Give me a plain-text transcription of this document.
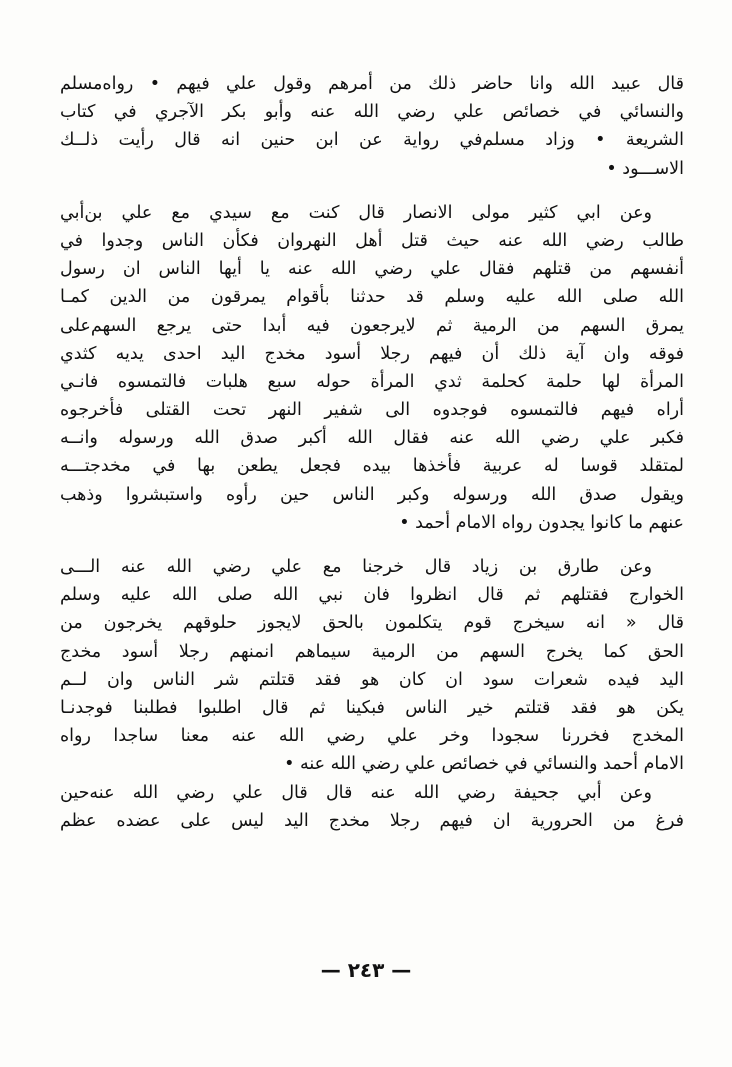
قال عبيد الله وانا حاضر ذلك من أمرهم وقول علي فيهم • رواه‌مسلم
والنسائي في خصائص علي رضي الله عنه وأبو بكر الآجري في كتاب
الشريعة • وزاد مسلم‌في رواية عن ابن حنين انه قال رأيت ذلــك
الاســـود •
وعن ابي كثير مولى الانصار قال كنت مع سيدي مع علي بن‌أبي
طالب رضي الله عنه حيث قتل أهل النهروان فكأن الناس وجدوا في
أنفسهم من قتلهم فقال علي رضي الله عنه يا أيها الناس ان رسول
الله صلى الله عليه وسلم قد حدثنا بأقوام يمرقون من الدين كمـا
يمرق السهم من الرمية ثم لايرجعون فيه أبدا حتى يرجع السهم‌على
فوقه وان آية ذلك أن فيهم رجلا أسود مخدج اليد احدى يديه كثدي
المرأة لها حلمة كحلمة ثدي المرأة حوله سبع هلبات فالتمسوه فانـي
أراه فيهم فالتمسوه فوجدوه الى شفير النهر تحت القتلى فأخرجوه
فكبر علي رضي الله عنه فقال الله أكبر صدق الله ورسوله وانــه
لمتقلد قوسا له عربية فأخذها بيده فجعل يطعن بها في مخدجتـــه
ويقول صدق الله ورسوله وكبر الناس حين رأوه واستبشروا وذهب
عنهم ما كانوا يجدون رواه الامام أحمد •
وعن طارق بن زياد قال خرجنا مع علي رضي الله عنه الـــى
الخوارج فقتلهم ثم قال انظروا فان نبي الله صلى الله عليه وسلم
قال « انه سيخرج قوم يتكلمون بالحق لايجوز حلوقهم يخرجون من
الحق كما يخرج السهم من الرمية سيماهم انمنهم رجلا أسود مخدج
اليد فيده شعرات سود ان كان هو فقد قتلتم شر الناس وان لــم
يكن هو فقد قتلتم خير الناس فبكينا ثم قال اطلبوا فطلبنا فوجدنـا
المخدج فخررنا سجودا وخر علي رضي الله عنه معنا ساجدا رواه
الامام أحمد والنسائي في خصائص علي رضي الله عنه •
وعن أبي جحيفة رضي الله عنه قال قال علي رضي الله عنه‌حين
فرغ من الحرورية ان فيهم رجلا مخدج اليد ليس على عضده عظم
— ٢٤٣ —
